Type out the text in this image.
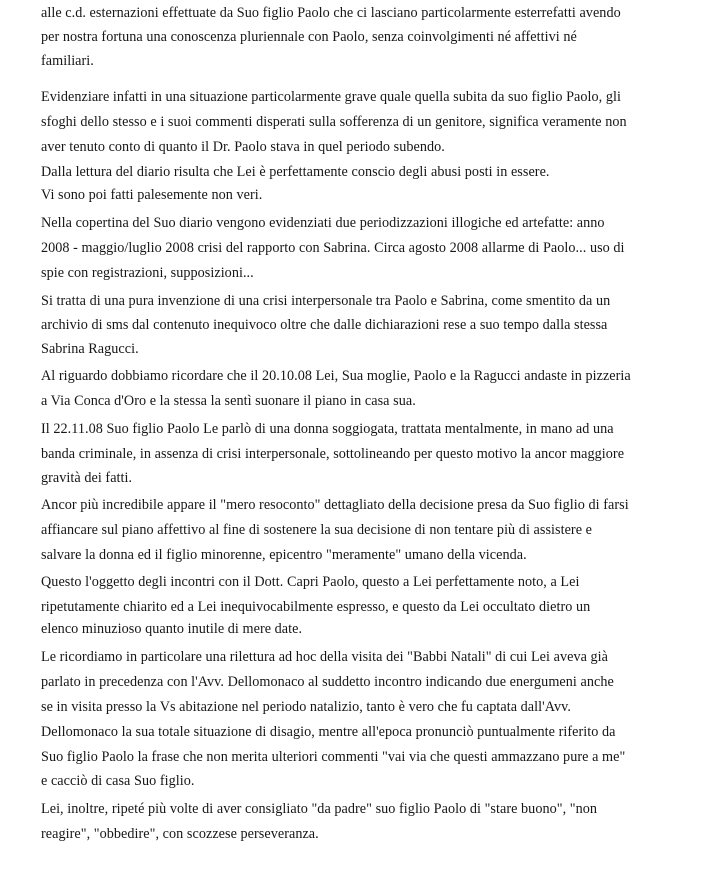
alle c.d. esternazioni effettuate da Suo figlio Paolo che ci lasciano particolarmente esterrefatti avendo
per nostra fortuna una conoscenza pluriennale con Paolo, senza coinvolgimenti né affettivi né
familiari.
Evidenziare infatti in una situazione particolarmente grave quale quella subita da suo figlio Paolo, gli
sfoghi dello stesso e i suoi commenti disperati sulla sofferenza di un genitore, significa veramente non
aver tenuto conto di quanto il Dr. Paolo stava in quel periodo subendo.
Dalla lettura del diario risulta che Lei è perfettamente conscio degli abusi posti in essere.
Vi sono poi fatti palesemente non veri.
Nella copertina del Suo diario vengono evidenziati due periodizzazioni illogiche ed artefatte: anno
2008 - maggio/luglio 2008 crisi del rapporto con Sabrina. Circa agosto 2008 allarme di Paolo... uso di
spie con registrazioni, supposizioni...
Si tratta di una pura invenzione di una crisi interpersonale tra Paolo e Sabrina, come smentito da un
archivio di sms dal contenuto inequivoco oltre che dalle dichiarazioni rese a suo tempo dalla stessa
Sabrina Ragucci.
Al riguardo dobbiamo ricordare che il 20.10.08 Lei, Sua moglie, Paolo e la Ragucci andaste in pizzeria
a Via Conca d'Oro e la stessa la sentì suonare il piano in casa sua.
Il 22.11.08 Suo figlio Paolo Le parlò di una donna soggiogata, trattata mentalmente, in mano ad una
banda criminale, in assenza di crisi interpersonale, sottolineando per questo motivo la ancor maggiore
gravità dei fatti.
Ancor più incredibile appare il "mero resoconto" dettagliato della decisione presa da Suo figlio di farsi
affiancare sul piano affettivo al fine di sostenere la sua decisione di non tentare più di assistere e
salvare la donna ed il figlio minorenne, epicentro "meramente" umano della vicenda.
Questo l'oggetto degli incontri con il Dott. Capri Paolo, questo a Lei perfettamente noto, a Lei
ripetutamente chiarito ed a Lei inequivocabilmente espresso, e questo da Lei occultato dietro un
elenco minuzioso quanto inutile di mere date.
Le ricordiamo in particolare una rilettura ad hoc della visita dei "Babbi Natali" di cui Lei aveva già
parlato in precedenza con l'Avv. Dellomonaco al suddetto incontro indicando due energumeni anche
se in visita presso la Vs abitazione nel periodo natalizio, tanto è vero che fu captata dall'Avv.
Dellomonaco la sua totale situazione di disagio, mentre all'epoca pronunciò puntualmente riferito da
Suo figlio Paolo la frase che non merita ulteriori commenti "vai via che questi ammazzano pure a me"
e cacciò di casa Suo figlio.
Lei, inoltre, ripeté più volte di aver consigliato "da padre" suo figlio Paolo di "stare buono", "non
reagire", "obbedire", con scozzese perseveranza.
